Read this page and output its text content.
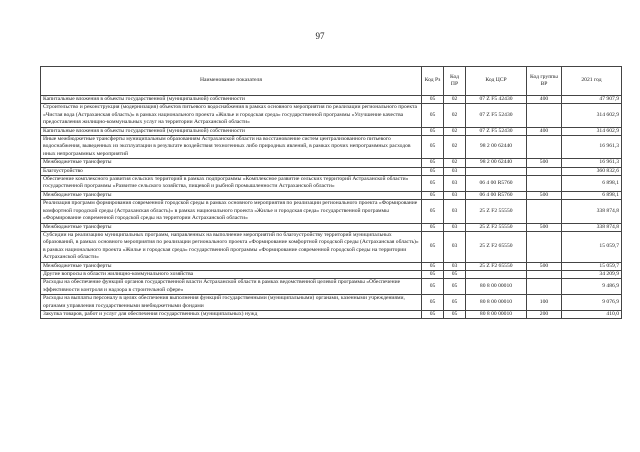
97
Наименование показателя	Код Рз	Код ПР	Код ЦСР	Код группы ВР	2021 год
Капитальные вложения в объекты государственной (муниципальной) собственности	05	02	07 Z F5 42430	400	47 907,9
Строительство и реконструкция (модернизация) объектов питьевого водоснабжения в рамках основного мероприятия по реализации регионального проекта «Чистая вода (Астраханская область)» в рамках национального проекта «Жилье и городская среда» государственной программы «Улучшение качества предоставления жилищно-коммунальных услуг на территории Астраханской области»	05	02	07 Z F5 52430		314 602,9
Капитальные вложения в объекты государственной (муниципальной) собственности	05	02	07 Z F5 52430	400	314 602,9
Иные межбюджетные трансферты муниципальным образованиям Астраханской области на восстановление систем централизованного питьевого водоснабжения, выведенных из эксплуатации в результате воздействия техногенных либо природных явлений, в рамках прочих непрограммных расходов иных непрограммных мероприятий	05	02	98 2 00 62440		16 961,3
Межбюджетные трансферты	05	02	98 2 00 62440	500	16 961,3
Благоустройство	05	03			360 832,6
Обеспечение комплексного развития сельских территорий в рамках подпрограммы «Комплексное развитие сельских территорий Астраханской области» государственной программы «Развитие сельского хозяйства, пищевой и рыбной промышленности Астраханской области»	05	03	06 4 00 R5760		6 898,1
Межбюджетные трансферты	05	03	06 4 00 R5760	500	6 898,1
Реализация программ формирования современной городской среды в рамках основного мероприятия по реализации регионального проекта «Формирование комфортной городской среды (Астраханская область)» в рамках национального проекта «Жилье и городская среда» государственной программы «Формирование современной городской среды на территории Астраханской области»	05	03	25 Z F2 55550		338 874,8
Межбюджетные трансферты	05	03	25 Z F2 55550	500	338 874,8
Субсидии на реализацию муниципальных программ, направленных на выполнение мероприятий по благоустройству территорий муниципальных образований, в рамках основного мероприятия по реализации регионального проекта «Формирование комфортной городской среды (Астраханская область)» в рамках национального проекта «Жилье и городская среда» государственной программы «Формирование современной городской среды на территории Астраханской области»	05	03	25 Z F2 65550		15 059,7
Межбюджетные трансферты	05	03	25 Z F2 65550	500	15 059,7
Другие вопросы в области жилищно-коммунального хозяйства	05	05			34 209,9
Расходы на обеспечение функций органов государственной власти Астраханской области в рамках ведомственной целевой программы «Обеспечение эффективности контроля и надзора в строительной сфере»	05	05	80 8 00 00010		9 486,9
Расходы на выплаты персоналу в целях обеспечения выполнения функций государственными (муниципальными) органами, казенными учреждениями, органами управления государственными внебюджетными фондами	05	05	80 8 00 00010	100	9 076,9
Закупка товаров, работ и услуг для обеспечения государственных (муниципальных) нужд	05	05	80 8 00 00010	200	410,0
